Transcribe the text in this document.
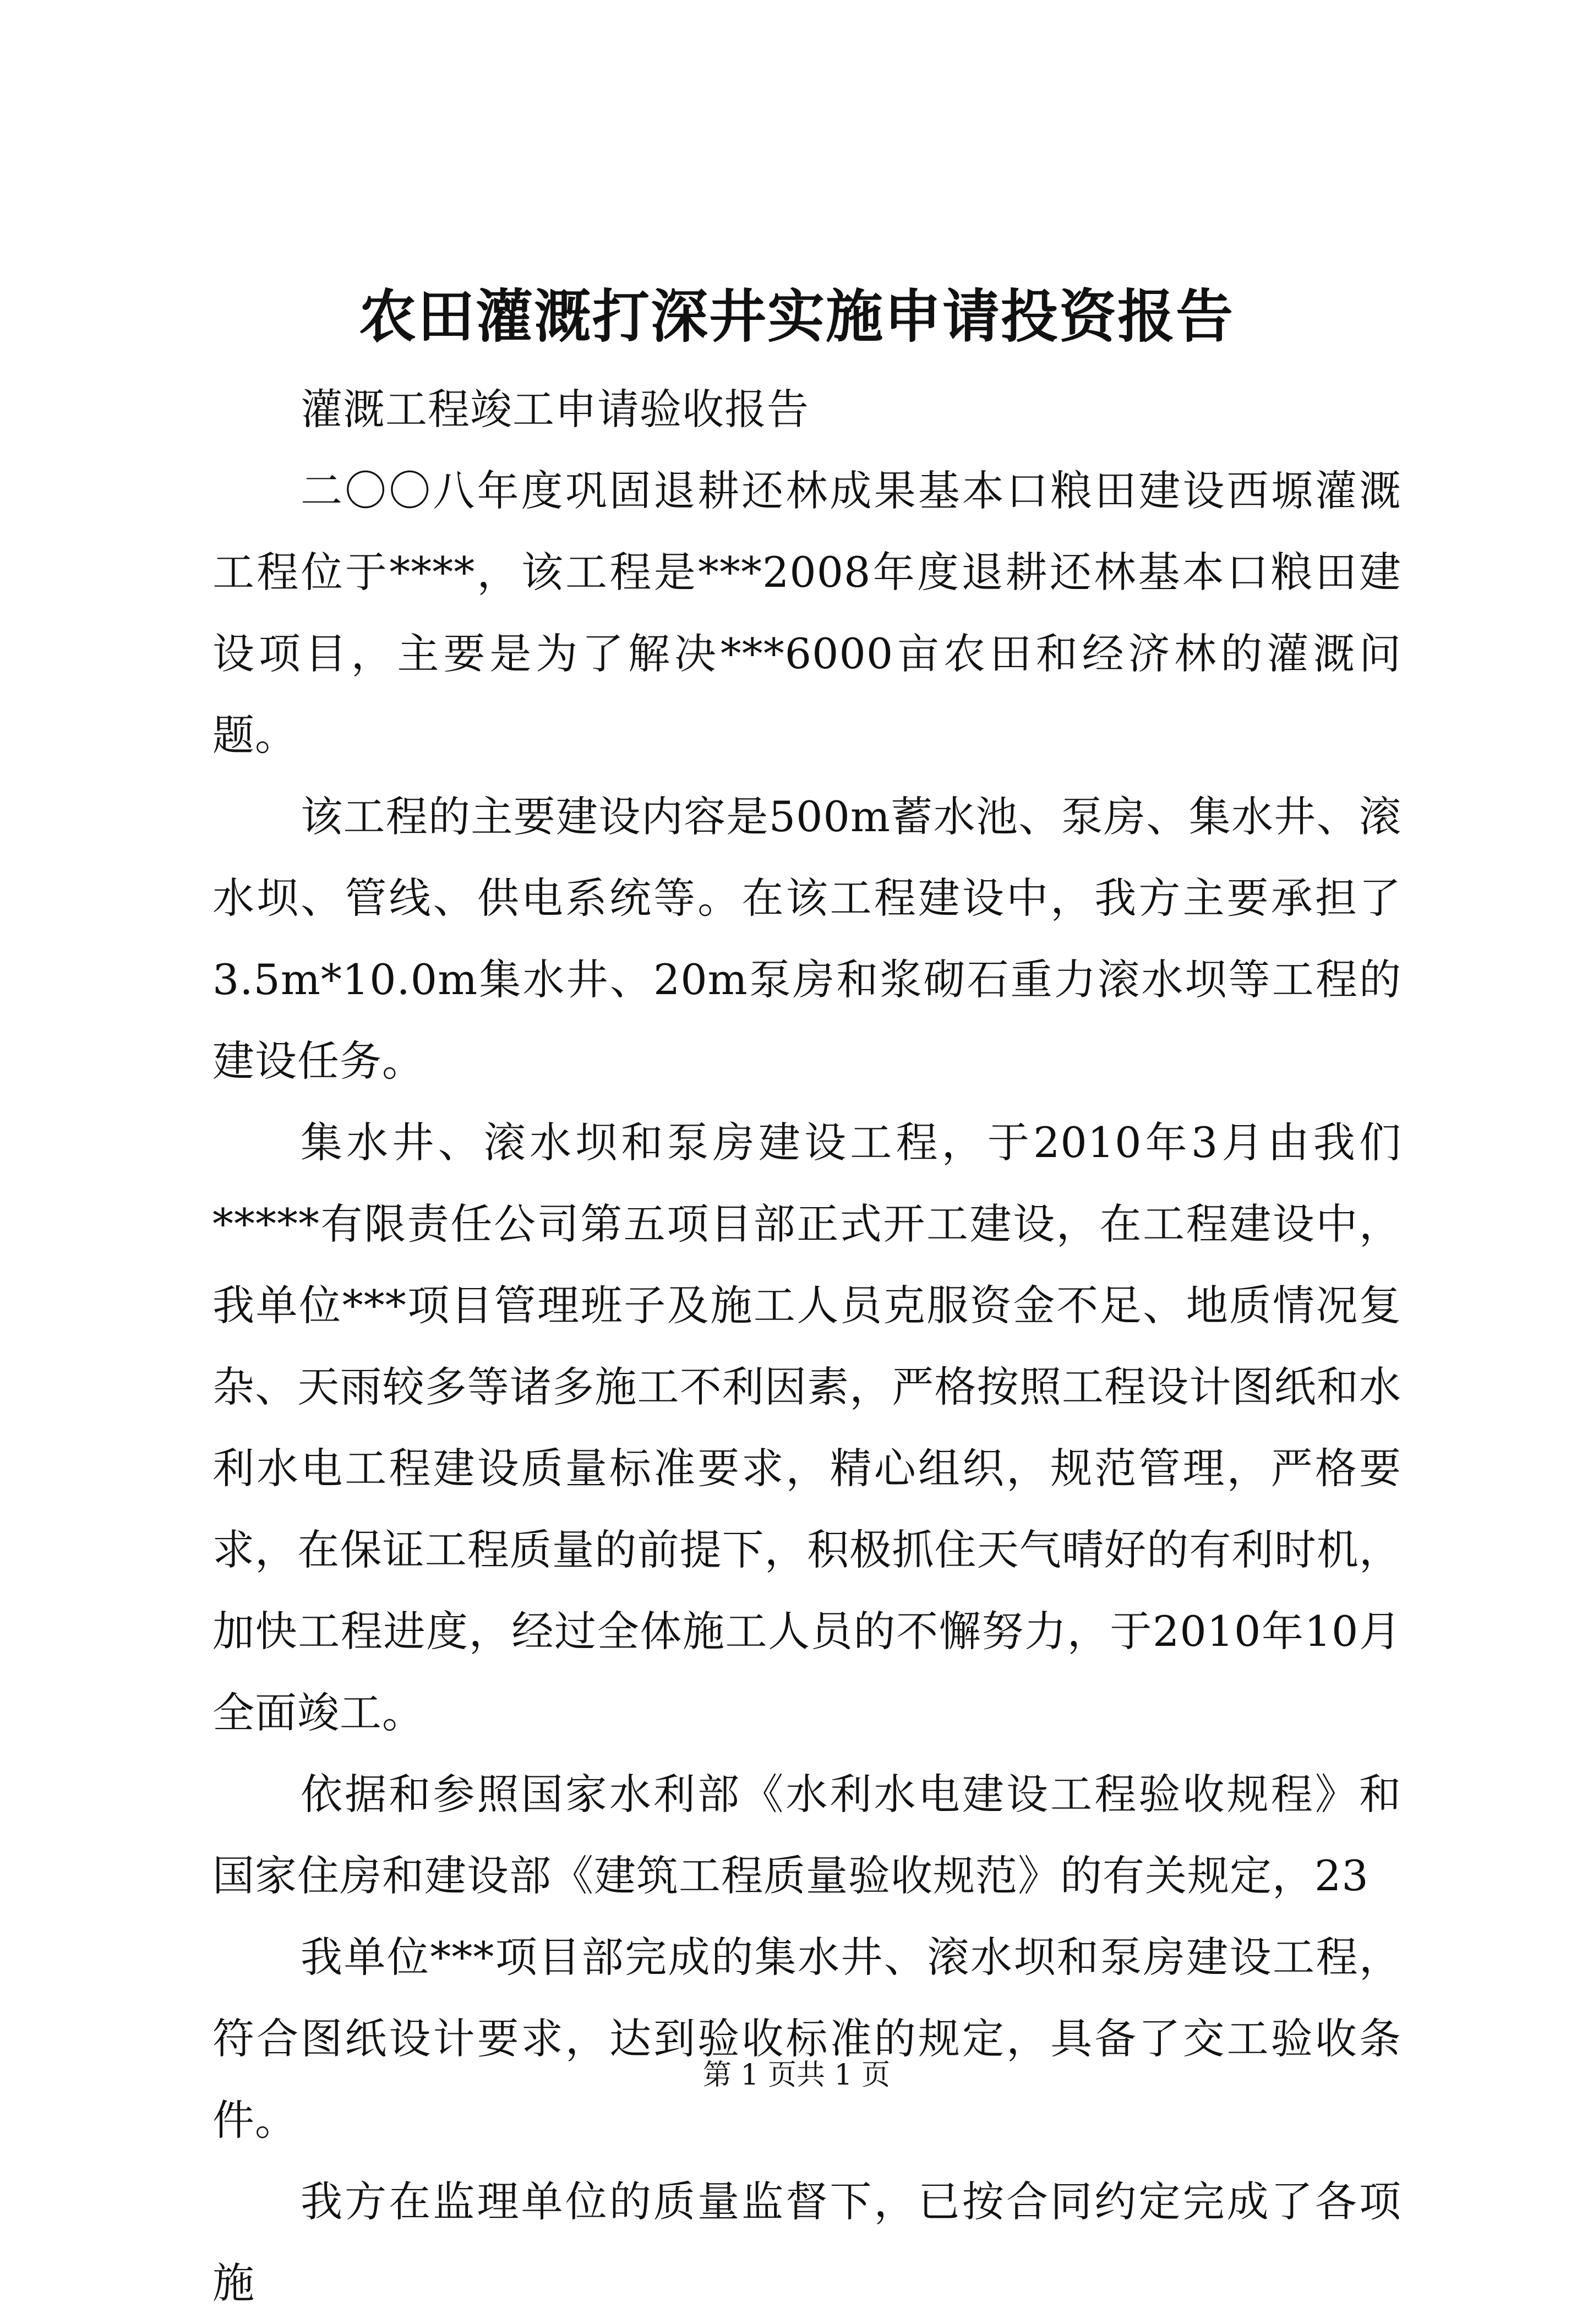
农田灌溉打深井实施申请投资报告

灌溉工程竣工申请验收报告

二〇〇八年度巩固退耕还林成果基本口粮田建设西塬灌溉工程位于****，该工程是***2008年度退耕还林基本口粮田建设项目，主要是为了解决***6000亩农田和经济林的灌溉问题。

该工程的主要建设内容是500m蓄水池、泵房、集水井、滚水坝、管线、供电系统等。在该工程建设中，我方主要承担了3.5m*10.0m集水井、20m泵房和浆砌石重力滚水坝等工程的建设任务。

集水井、滚水坝和泵房建设工程，于2010年3月由我们*****有限责任公司第五项目部正式开工建设，在工程建设中，我单位***项目管理班子及施工人员克服资金不足、地质情况复杂、天雨较多等诸多施工不利因素，严格按照工程设计图纸和水利水电工程建设质量标准要求，精心组织，规范管理，严格要求，在保证工程质量的前提下，积极抓住天气晴好的有利时机，加快工程进度，经过全体施工人员的不懈努力，于2010年10月全面竣工。

依据和参照国家水利部《水利水电建设工程验收规程》和国家住房和建设部《建筑工程质量验收规范》的有关规定，23

我单位***项目部完成的集水井、滚水坝和泵房建设工程，符合图纸设计要求，达到验收标准的规定，具备了交工验收条件。

我方在监理单位的质量监督下，已按合同约定完成了各项施

第 1 页共 1 页
